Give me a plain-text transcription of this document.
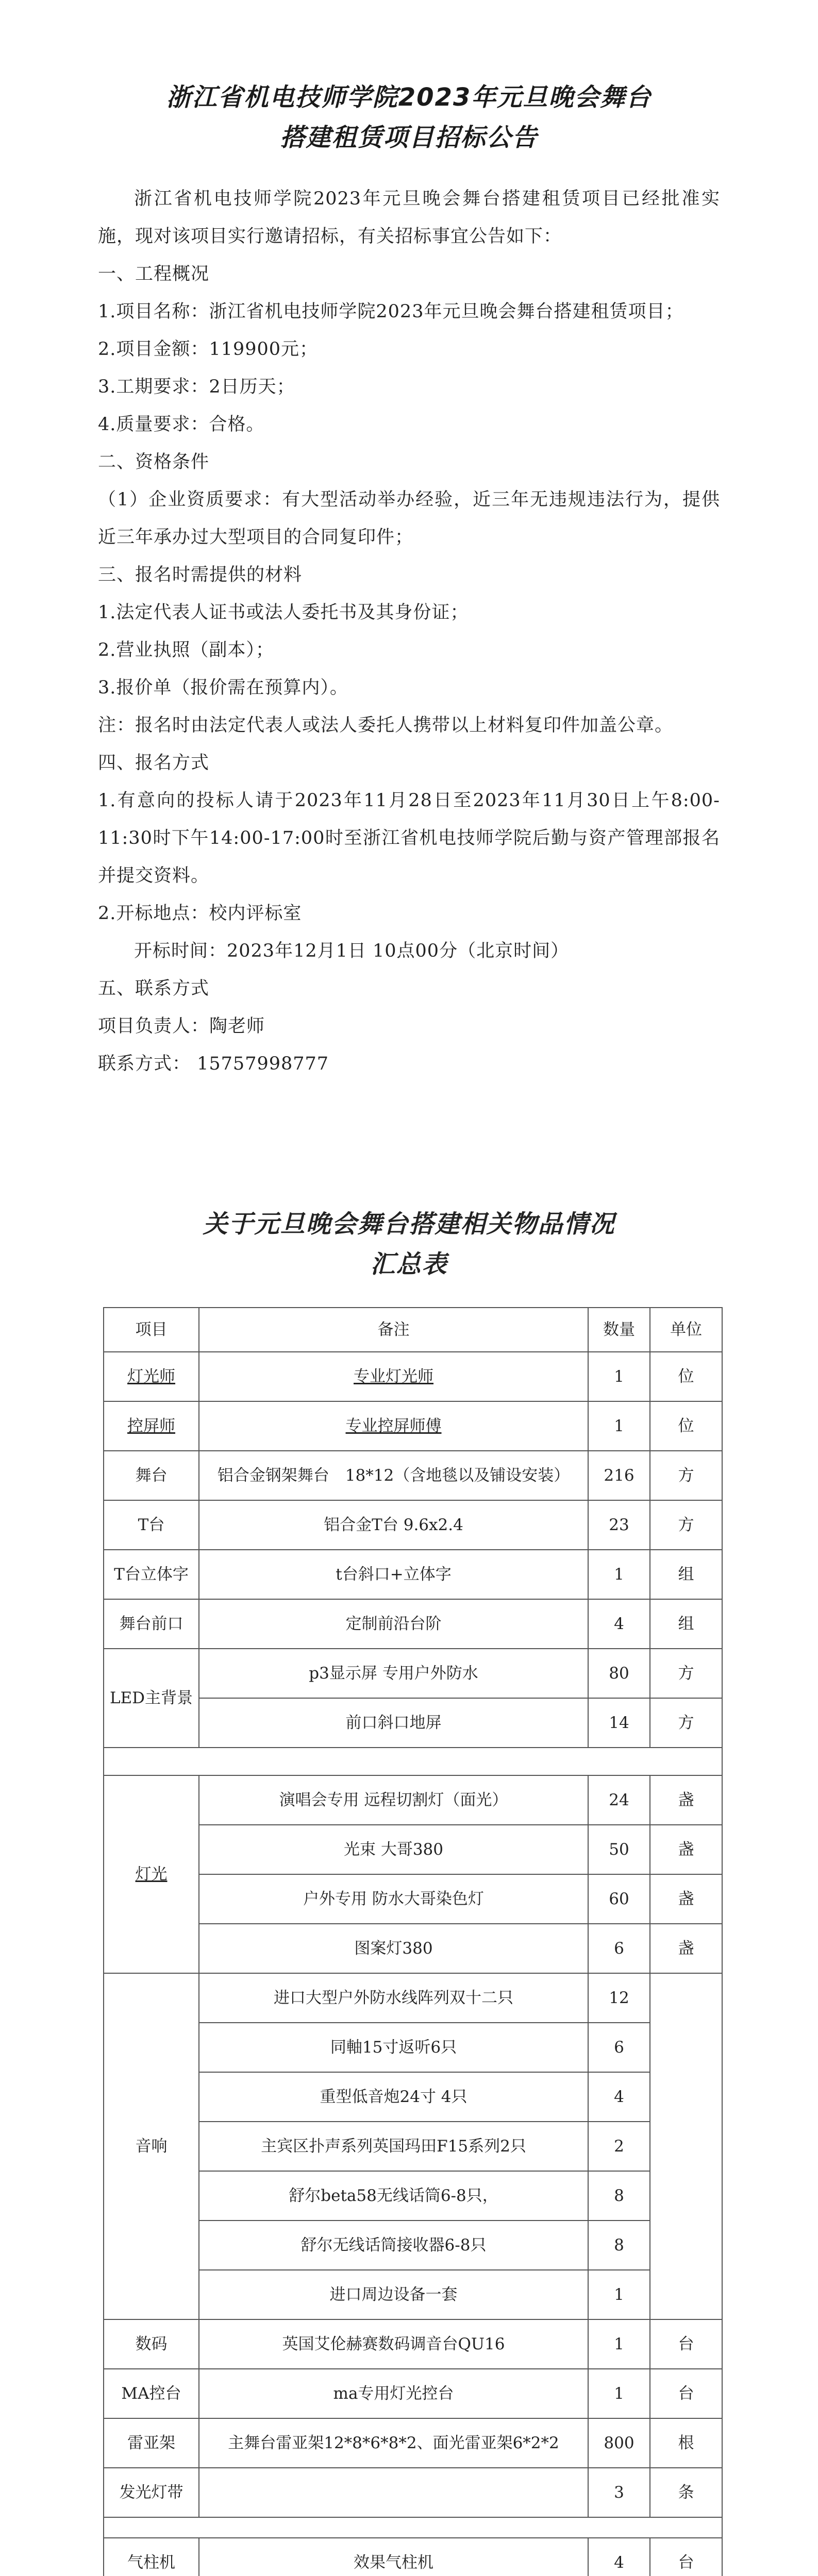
浙江省机电技师学院2023年元旦晚会舞台
搭建租赁项目招标公告

浙江省机电技师学院2023年元旦晚会舞台搭建租赁项目已经批准实施，现对该项目实行邀请招标，有关招标事宜公告如下：

一、工程概况

1.项目名称：浙江省机电技师学院2023年元旦晚会舞台搭建租赁项目；

2.项目金额：119900元；

3.工期要求：2日历天；

4.质量要求：合格。

二、资格条件

（1）企业资质要求：有大型活动举办经验，近三年无违规违法行为，提供近三年承办过大型项目的合同复印件；

三、报名时需提供的材料

1.法定代表人证书或法人委托书及其身份证；

2.营业执照（副本）；

3.报价单（报价需在预算内）。

注：报名时由法定代表人或法人委托人携带以上材料复印件加盖公章。

四、报名方式

1.有意向的投标人请于2023年11月28日至2023年11月30日上午8:00-11:30时下午14:00-17:00时至浙江省机电技师学院后勤与资产管理部报名并提交资料。

2.开标地点：校内评标室

开标时间：2023年12月1日 10点00分（北京时间）

五、联系方式

项目负责人：陶老师

联系方式： 15757998777

关于元旦晚会舞台搭建相关物品情况
汇总表
项目	备注	数量	单位
灯光师	专业灯光师	1	位
控屏师	专业控屏师傅	1	位
舞台	铝合金钢架舞台　18*12（含地毯以及铺设安装）	216	方
T台	铝合金T台 9.6x2.4	23	方
T台立体字	t台斜口+立体字	1	组
舞台前口	定制前沿台阶	4	组
LED主背景	p3显示屏 专用户外防水	80	方
	前口斜口地屏	14	方

灯光	演唱会专用 远程切割灯（面光）	24	盏
	光束 大哥380	50	盏
	户外专用 防水大哥染色灯	60	盏
	图案灯380	6	盏
音响	进口大型户外防水线阵列双十二只	12	
	同軸15寸返听6只	6	
	重型低音炮24寸 4只	4	
	主宾区扑声系列英国玛田F15系列2只	2	
	舒尔beta58无线话筒6-8只，	8	
	舒尔无线话筒接收器6-8只	8	
	进口周边设备一套	1	
数码	英国艾伦赫赛数码调音台QU16	1	台
MA控台	ma专用灯光控台	1	台
雷亚架	主舞台雷亚架12*8*6*8*2、面光雷亚架6*2*2	800	根
发光灯带		3	条

气柱机	效果气柱机	4	台
